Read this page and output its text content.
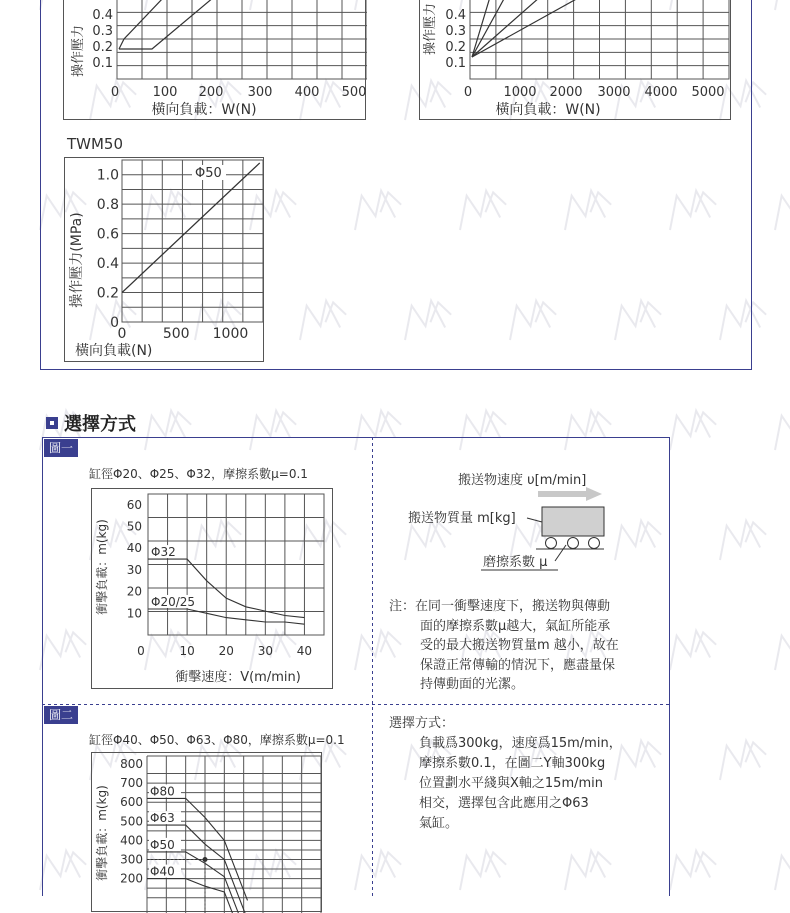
操作壓力
0.4
0.3
0.2
0.1
0	100 200 300 400 500
橫向負載：W(N)
操作壓力 0.4
0.3
0.2
0.1
0 1000 2000 3000 4000 5000
橫向負載：W(N)
TWM50
操作壓力(MPa)
1.0
0.8
0.6
0.4
0.2
0
0	500 1000
橫向負載(N)
Φ50
選擇方式
圖一
缸徑Φ20、Φ25、Φ32，摩擦系數μ=0.1
衝擊負載：m(kg)
60
50
40
30
20
10
0	10 20 30 40
衝擊速度：V(m/min)
Φ32
Φ20/25
圖二
缸徑Φ40、Φ50、Φ63、Φ80，摩擦系數μ=0.1
衝擊負載：m(kg)
800
700
600
500
400
300
200
Φ80
Φ63
Φ50
Φ40
搬送物速度 υ[m/min]
搬送物質量 m[kg]
磨擦系數 μ
注：在同一衝擊速度下，搬送物與傳動
面的摩擦系數μ越大，氣缸所能承
受的最大搬送物質量m 越小，故在
保證正常傳輸的情況下，應盡量保
持傳動面的光潔。
選擇方式：
負載爲300kg，速度爲15m/min，
摩擦系數0.1，在圖二Y軸300kg
位置劃水平綫與X軸之15m/min
相交，選擇包含此應用之Φ63
氣缸。
